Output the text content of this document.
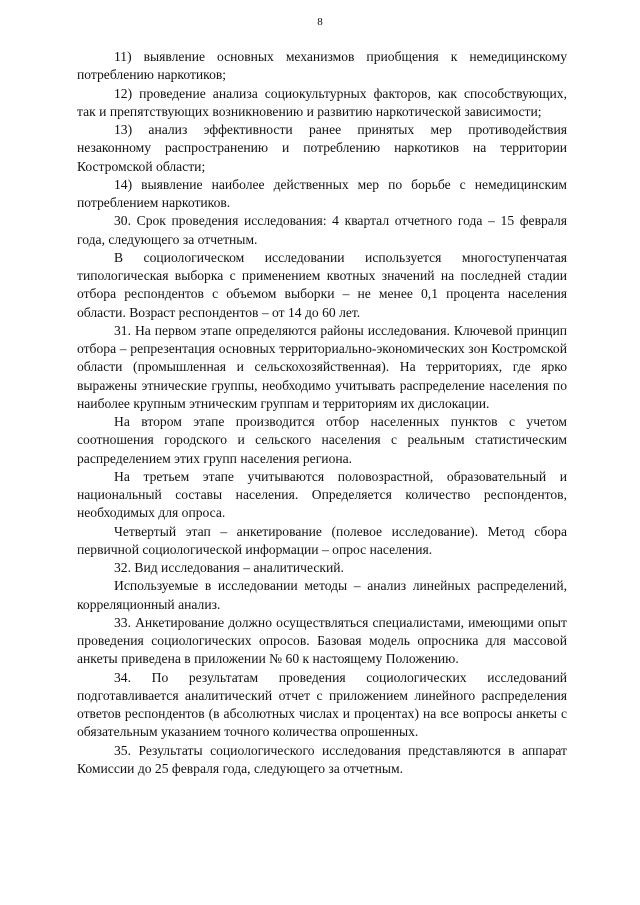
8

11) выявление основных механизмов приобщения к немедицинскому потреблению наркотиков;

12) проведение анализа социокультурных факторов, как способствующих, так и препятствующих возникновению и развитию наркотической зависимости;

13) анализ эффективности ранее принятых мер противодействия незаконному распространению и потреблению наркотиков на территории Костромской области;

14) выявление наиболее действенных мер по борьбе с немедицинским потреблением наркотиков.

30. Срок проведения исследования: 4 квартал отчетного года – 15 февраля года, следующего за отчетным.

В социологическом исследовании используется многоступенчатая типологическая выборка с применением квотных значений на последней стадии отбора респондентов с объемом выборки – не менее 0,1 процента населения области. Возраст респондентов – от 14 до 60 лет.

31. На первом этапе определяются районы исследования. Ключевой принцип отбора – репрезентация основных территориально-экономических зон Костромской области (промышленная и сельскохозяйственная). На территориях, где ярко выражены этнические группы, необходимо учитывать распределение населения по наиболее крупным этническим группам и территориям их дислокации.

На втором этапе производится отбор населенных пунктов с учетом соотношения городского и сельского населения с реальным статистическим распределением этих групп населения региона.

На третьем этапе учитываются половозрастной, образовательный и национальный составы населения. Определяется количество респондентов, необходимых для опроса.

Четвертый этап – анкетирование (полевое исследование). Метод сбора первичной социологической информации – опрос населения.

32. Вид исследования – аналитический.

Используемые в исследовании методы – анализ линейных распределений, корреляционный анализ.

33. Анкетирование должно осуществляться специалистами, имеющими опыт проведения социологических опросов. Базовая модель опросника для массовой анкеты приведена в приложении № 60 к настоящему Положению.

34. По результатам проведения социологических исследований подготавливается аналитический отчет с приложением линейного распределения ответов респондентов (в абсолютных числах и процентах) на все вопросы анкеты с обязательным указанием точного количества опрошенных.

35. Результаты социологического исследования представляются в аппарат Комиссии до 25 февраля года, следующего за отчетным.
